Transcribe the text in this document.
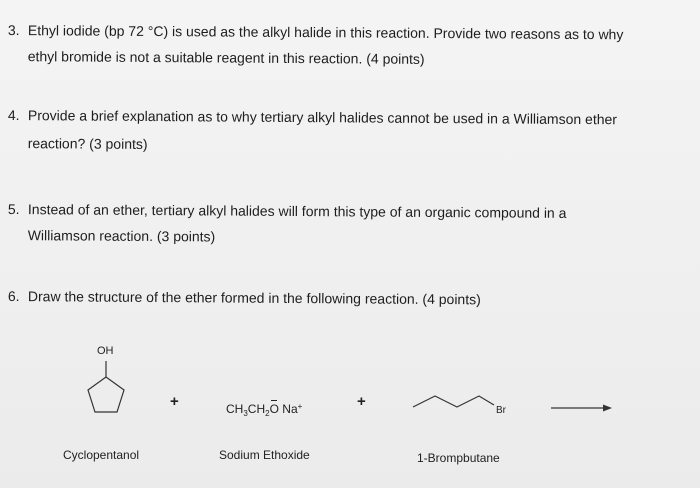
3. Ethyl iodide (bp 72 °C) is used as the alkyl halide in this reaction. Provide two reasons as to why
ethyl bromide is not a suitable reagent in this reaction. (4 points)
4. Provide a brief explanation as to why tertiary alkyl halides cannot be used in a Williamson ether
reaction? (3 points)
5. Instead of an ether, tertiary alkyl halides will form this type of an organic compound in a
Williamson reaction. (3 points)
6. Draw the structure of the ether formed in the following reaction. (4 points)
OH
Cyclopentanol
+	$CH_3CH_2O$ Na+
Sodium Ethoxide
+
Br
1-Brompbutane
